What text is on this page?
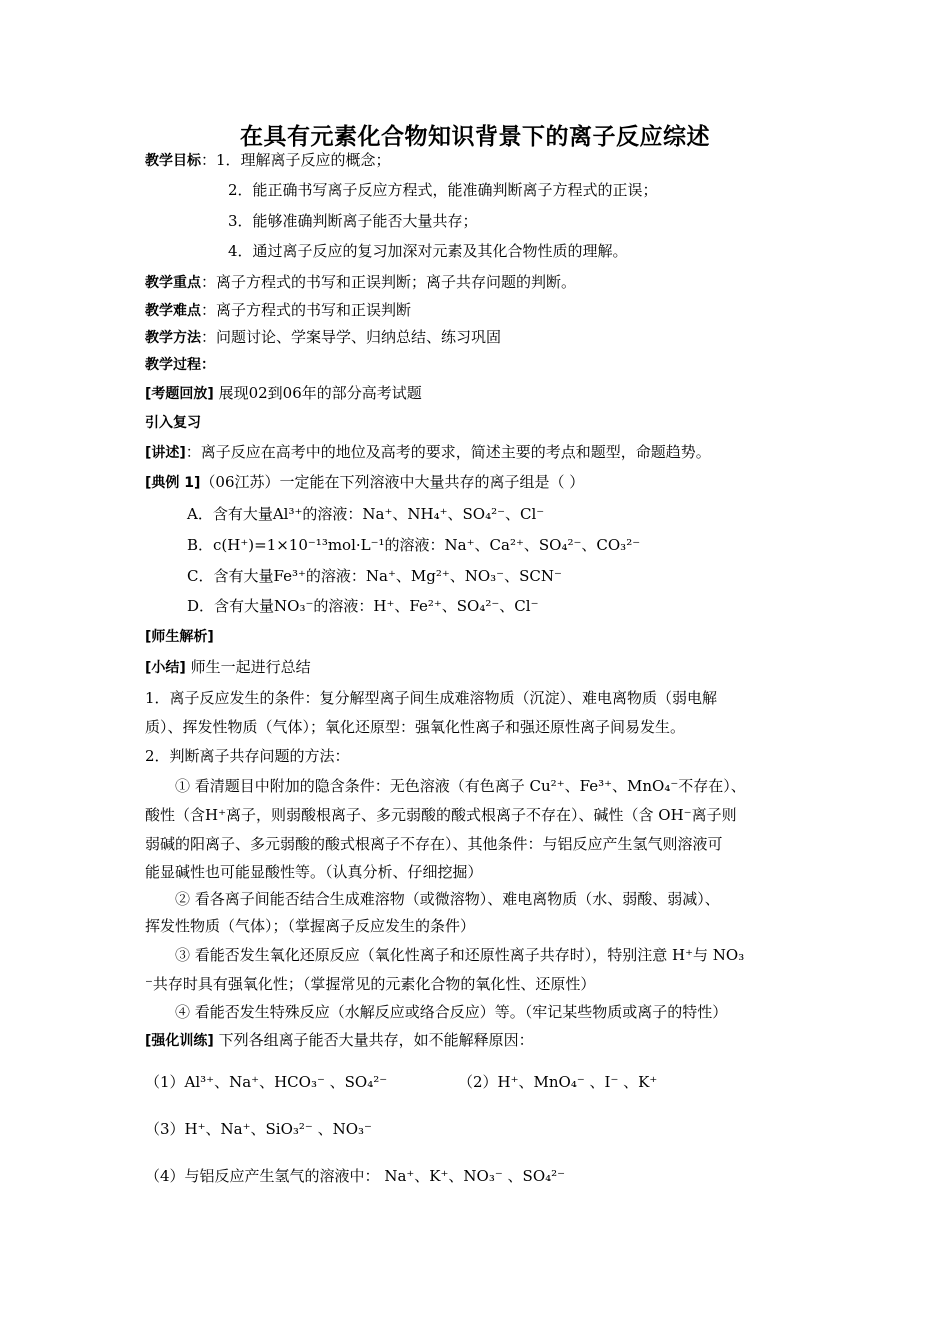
在具有元素化合物知识背景下的离子反应综述
教学目标：1．理解离子反应的概念；
2．能正确书写离子反应方程式，能准确判断离子方程式的正误；
3．能够准确判断离子能否大量共存；
4．通过离子反应的复习加深对元素及其化合物性质的理解。
教学重点：离子方程式的书写和正误判断；离子共存问题的判断。
教学难点：离子方程式的书写和正误判断
教学方法：问题讨论、学案导学、归纳总结、练习巩固
教学过程：
[考题回放] 展现02到06年的部分高考试题
引入复习
[讲述]：离子反应在高考中的地位及高考的要求，简述主要的考点和题型，命题趋势。
[典例 1]（06江苏）一定能在下列溶液中大量共存的离子组是（ ）
A．含有大量Al³⁺的溶液：Na⁺、NH₄⁺、SO₄²⁻、Cl⁻
B．c(H⁺)=1×10⁻¹³mol·L⁻¹的溶液：Na⁺、Ca²⁺、SO₄²⁻、CO₃²⁻
C．含有大量Fe³⁺的溶液：Na⁺、Mg²⁺、NO₃⁻、SCN⁻
D．含有大量NO₃⁻的溶液：H⁺、Fe²⁺、SO₄²⁻、Cl⁻
[师生解析]
[小结] 师生一起进行总结
1．离子反应发生的条件：复分解型离子间生成难溶物质（沉淀）、难电离物质（弱电解
质）、挥发性物质（气体）；氧化还原型：强氧化性离子和强还原性离子间易发生。
2．判断离子共存问题的方法：
① 看清题目中附加的隐含条件：无色溶液（有色离子 Cu²⁺、Fe³⁺、MnO₄⁻不存在）、
酸性（含H⁺离子，则弱酸根离子、多元弱酸的酸式根离子不存在）、碱性（含 OH⁻离子则
弱碱的阳离子、多元弱酸的酸式根离子不存在）、其他条件：与铝反应产生氢气则溶液可
能显碱性也可能显酸性等。（认真分析、仔细挖掘）
② 看各离子间能否结合生成难溶物（或微溶物）、难电离物质（水、弱酸、弱减）、
挥发性物质（气体）；（掌握离子反应发生的条件）
③ 看能否发生氧化还原反应（氧化性离子和还原性离子共存时），特别注意 H⁺与 NO₃
⁻共存时具有强氧化性；（掌握常见的元素化合物的氧化性、还原性）
④ 看能否发生特殊反应（水解反应或络合反应）等。（牢记某些物质或离子的特性）
[强化训练] 下列各组离子能否大量共存，如不能解释原因：
（1）Al³⁺、Na⁺、HCO₃⁻ 、SO₄²⁻	（2）H⁺、MnO₄⁻ 、I⁻ 、K⁺
（3）H⁺、Na⁺、SiO₃²⁻ 、NO₃⁻
（4）与铝反应产生氢气的溶液中： Na⁺、K⁺、NO₃⁻ 、SO₄²⁻
